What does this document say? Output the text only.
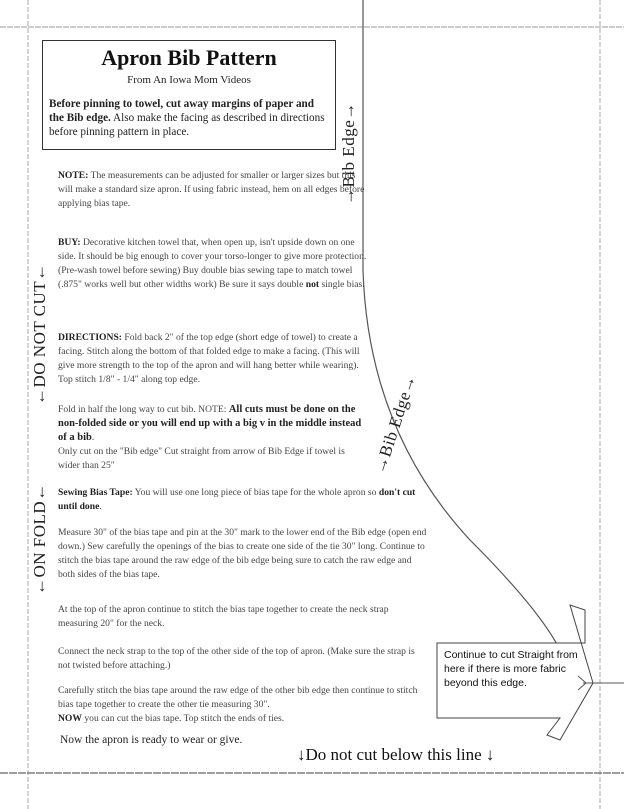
Apron Bib Pattern
From An Iowa Mom Videos
Before pinning to towel, cut away margins of paper and the Bib edge. Also make the facing as described in directions before pinning pattern in place.
←DO NOT CUT←
←ON FOLD←
→Bib Edge→
→Bib Edge→
NOTE: The measurements can be adjusted for smaller or larger sizes but this will make a standard size apron. If using fabric instead, hem on all edges before applying bias tape.
BUY: Decorative kitchen towel that, when open up, isn't upside down on one side. It should be big enough to cover your torso-longer to give more protection. (Pre-wash towel before sewing) Buy double bias sewing tape to match towel (.875" works well but other widths work) Be sure it says double not single bias.
DIRECTIONS: Fold back 2" of the top edge (short edge of towel) to create a facing. Stitch along the bottom of that folded edge to make a facing. (This will give more strength to the top of the apron and will hang better while wearing). Top stitch 1/8" - 1/4" along top edge.
Fold in half the long way to cut bib. NOTE: All cuts must be done on the non-folded side or you will end up with a big v in the middle instead of a bib.
Only cut on the "Bib edge" Cut straight from arrow of Bib Edge if towel is wider than 25"
Sewing Bias Tape: You will use one long piece of bias tape for the whole apron so don't cut until done.
Measure 30" of the bias tape and pin at the 30" mark to the lower end of the Bib edge (open end down.) Sew carefully the openings of the bias to create one side of the tie 30" long. Continue to stitch the bias tape around the raw edge of the bib edge being sure to catch the raw edge and both sides of the bias tape.
At the top of the apron continue to stitch the bias tape together to create the neck strap measuring 20" for the neck.
Connect the neck strap to the top of the other side of the top of apron. (Make sure the strap is not twisted before attaching.)
Carefully stitch the bias tape around the raw edge of the other bib edge then continue to stitch bias tape together to create the other tie measuring 30".
NOW you can cut the bias tape. Top stitch the ends of ties.
Now the apron is ready to wear or give.
Continue to cut Straight from here if there is more fabric beyond this edge.
↓Do not cut below this line ↓
